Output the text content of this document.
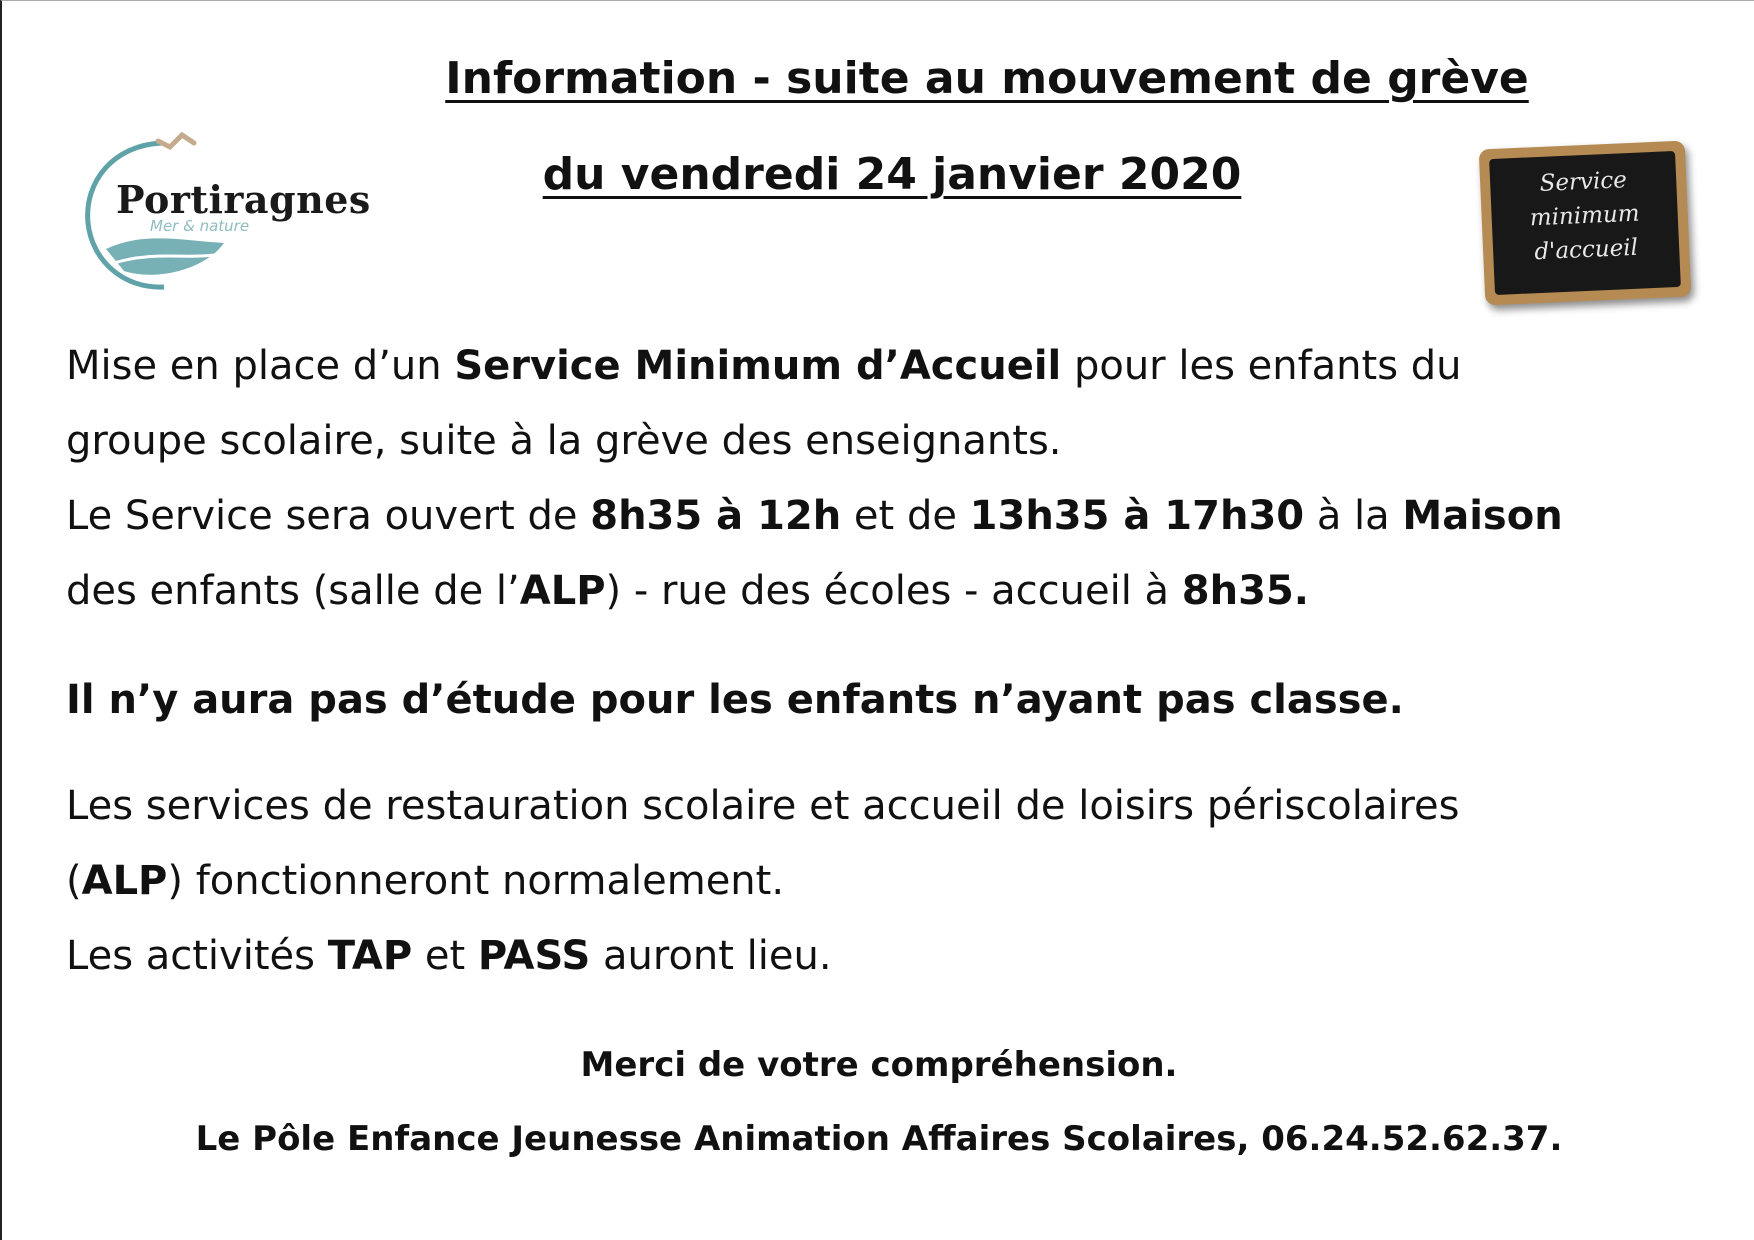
Information - suite au mouvement de grève
du vendredi 24 janvier 2020
Portiragnes
Mer & nature
Service
minimum
d'accueil

Mise en place d’un Service Minimum d’Accueil pour les enfants du
groupe scolaire, suite à la grève des enseignants.
Le Service sera ouvert de 8h35 à 12h et de 13h35 à 17h30 à la Maison
des enfants (salle de l’ALP) - rue des écoles - accueil à 8h35.

Il n’y aura pas d’étude pour les enfants n’ayant pas classe.

Les services de restauration scolaire et accueil de loisirs périscolaires
(ALP) fonctionneront normalement.
Les activités TAP et PASS auront lieu.

Merci de votre compréhension.

Le Pôle Enfance Jeunesse Animation Affaires Scolaires, 06.24.52.62.37.
